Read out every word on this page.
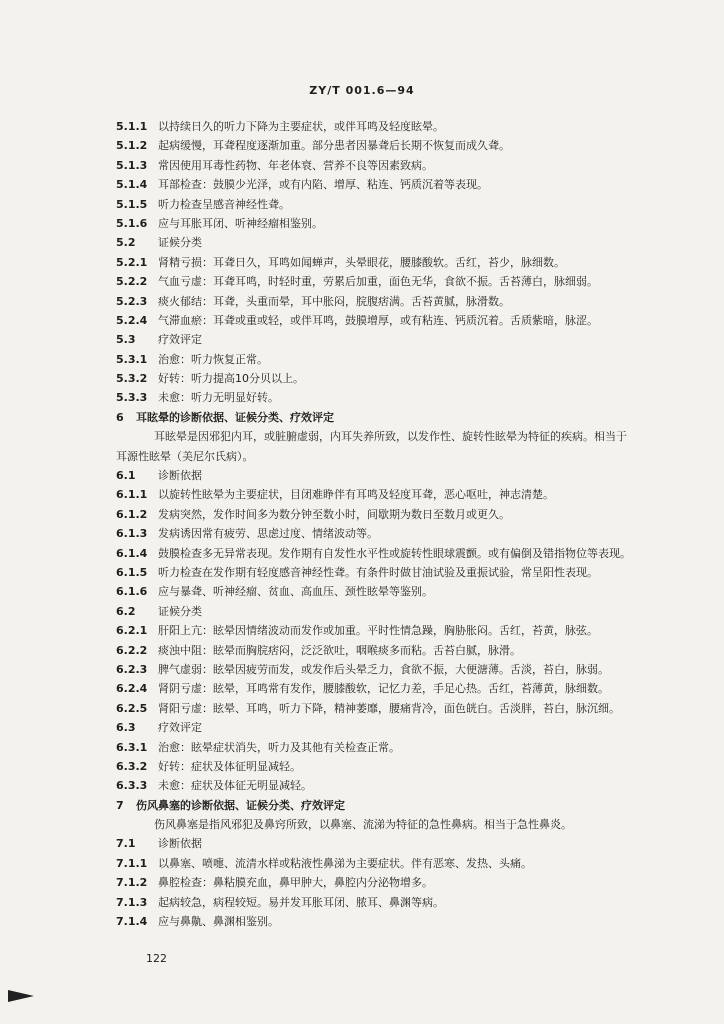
ZY/T 001.6—94
5.1.1 以持续日久的听力下降为主要症状，或伴耳鸣及轻度眩晕。
5.1.2 起病缓慢，耳聋程度逐渐加重。部分患者因暴聋后长期不恢复而成久聋。
5.1.3 常因使用耳毒性药物、年老体衰、营养不良等因素致病。
5.1.4 耳部检查：鼓膜少光泽，或有内陷、增厚、粘连、钙质沉着等表现。
5.1.5 听力检查呈感音神经性聋。
5.1.6 应与耳胀耳闭、听神经瘤相鉴别。
5.2 证候分类
5.2.1 肾精亏损：耳聋日久，耳鸣如闻蝉声，头晕眼花，腰膝酸软。舌红，苔少，脉细数。
5.2.2 气血亏虚：耳聋耳鸣，时轻时重，劳累后加重，面色无华，食欲不振。舌苔薄白，脉细弱。
5.2.3 痰火郁结：耳聋，头重而晕，耳中胀闷，脘腹痞满。舌苔黄腻，脉滑数。
5.2.4 气滞血瘀：耳聋或重或轻，或伴耳鸣，鼓膜增厚，或有粘连、钙质沉着。舌质紫暗，脉涩。
5.3 疗效评定
5.3.1 治愈：听力恢复正常。
5.3.2 好转：听力提高10分贝以上。
5.3.3 未愈：听力无明显好转。
6 耳眩晕的诊断依据、证候分类、疗效评定
耳眩晕是因邪犯内耳，或脏腑虚弱，内耳失养所致，以发作性、旋转性眩晕为特征的疾病。相当于
耳源性眩晕（美尼尔氏病）。
6.1 诊断依据
6.1.1 以旋转性眩晕为主要症状，目闭难睁伴有耳鸣及轻度耳聋，恶心呕吐，神志清楚。
6.1.2 发病突然，发作时间多为数分钟至数小时，间歇期为数日至数月或更久。
6.1.3 发病诱因常有疲劳、思虑过度、情绪波动等。
6.1.4 鼓膜检查多无异常表现。发作期有自发性水平性或旋转性眼球震颤。或有偏倒及错指物位等表现。
6.1.5 听力检查在发作期有轻度感音神经性聋。有条件时做甘油试验及重振试验，常呈阳性表现。
6.1.6 应与暴聋、听神经瘤、贫血、高血压、颈性眩晕等鉴别。
6.2 证候分类
6.2.1 肝阳上亢：眩晕因情绪波动而发作或加重。平时性情急躁，胸胁胀闷。舌红，苔黄，脉弦。
6.2.2 痰浊中阻：眩晕而胸脘痞闷，泛泛欲吐，咽喉痰多而粘。舌苔白腻，脉滑。
6.2.3 脾气虚弱：眩晕因疲劳而发，或发作后头晕乏力，食欲不振，大便溏薄。舌淡，苔白，脉弱。
6.2.4 肾阴亏虚：眩晕，耳鸣常有发作，腰膝酸软，记忆力差，手足心热。舌红，苔薄黄，脉细数。
6.2.5 肾阳亏虚：眩晕、耳鸣，听力下降，精神萎靡，腰痛背冷，面色㿠白。舌淡胖，苔白，脉沉细。
6.3 疗效评定
6.3.1 治愈：眩晕症状消失，听力及其他有关检查正常。
6.3.2 好转：症状及体征明显减轻。
6.3.3 未愈：症状及体征无明显减轻。
7 伤风鼻塞的诊断依据、证候分类、疗效评定
伤风鼻塞是指风邪犯及鼻窍所致，以鼻塞、流涕为特征的急性鼻病。相当于急性鼻炎。
7.1 诊断依据
7.1.1 以鼻塞、喷嚏、流清水样或粘液性鼻涕为主要症状。伴有恶寒、发热、头痛。
7.1.2 鼻腔检查：鼻粘膜充血，鼻甲肿大，鼻腔内分泌物增多。
7.1.3 起病较急，病程较短。易并发耳胀耳闭、脓耳、鼻渊等病。
7.1.4 应与鼻鼽、鼻渊相鉴别。
122
